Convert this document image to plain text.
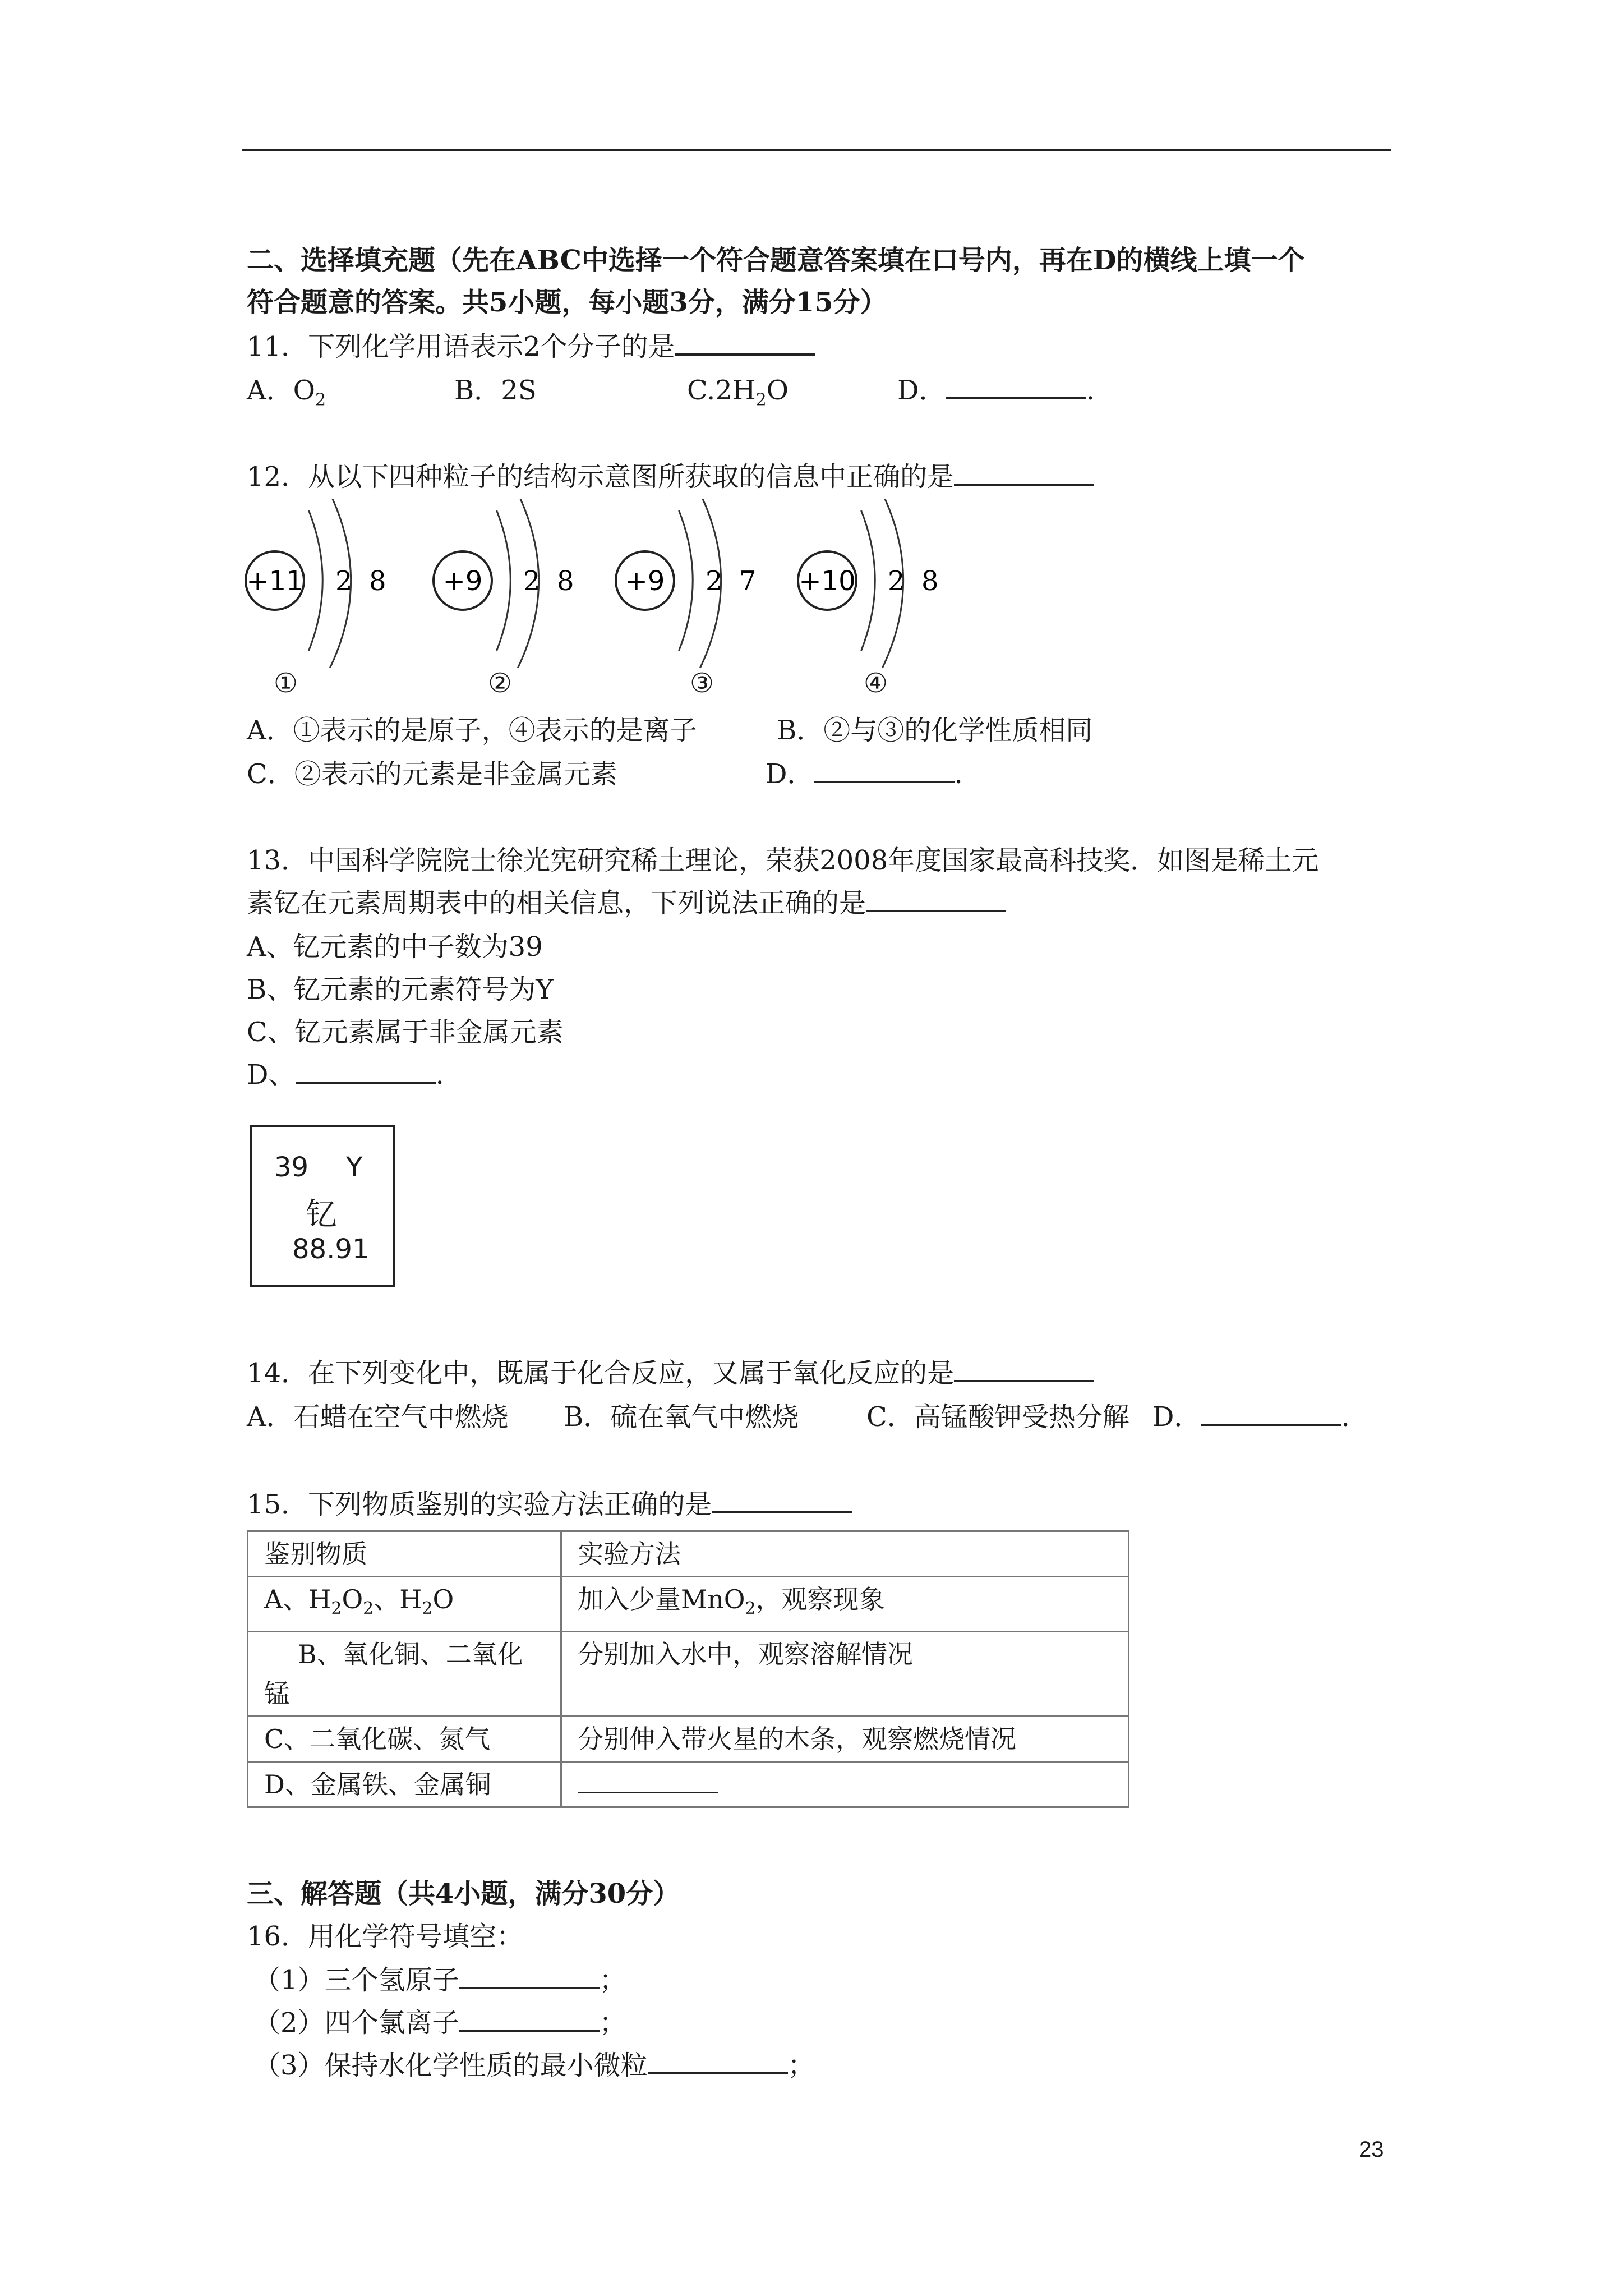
二、选择填充题（先在ABC中选择一个符合题意答案填在口号内，再在D的横线上填一个
符合题意的答案。共5小题，每小题3分，满分15分）
11．下列化学用语表示2个分子的是
A．$O_2$	B．2S	$C.2H_2O$	D．	.
12．从以下四种粒子的结构示意图所获取的信息中正确的是
+11 2 8 +9 2 8 +9 2 7 +10 2 8
①	②	③	④
A．①表示的是原子，④表示的是离子	B．②与③的化学性质相同
C．②表示的元素是非金属元素	D．	.
13．中国科学院院士徐光宪研究稀土理论，荣获2008年度国家最高科技奖．如图是稀土元
素钇在元素周期表中的相关信息，下列说法正确的是
A、钇元素的中子数为39
B、钇元素的元素符号为Y
C、钇元素属于非金属元素
D、	.
39 Y
钇
88.91
14．在下列变化中，既属于化合反应，又属于氧化反应的是
A．石蜡在空气中燃烧 B．硫在氧气中燃烧	C．高锰酸钾受热分解 D．	.
15．下列物质鉴别的实验方法正确的是
鉴别物质	实验方法
A、$H_2O_2$、$H_2O$	加入少量MnO$_2$，观察现象
B、氧化铜、二氧化
锰	分别加入水中，观察溶解情况
C、二氧化碳、氮气	分别伸入带火星的木条，观察燃烧情况
D、金属铁、金属铜	
三、解答题（共4小题，满分30分）
16．用化学符号填空：
（1）三个氢原子	；
（2）四个氯离子	；
（3）保持水化学性质的最小微粒	；
23
